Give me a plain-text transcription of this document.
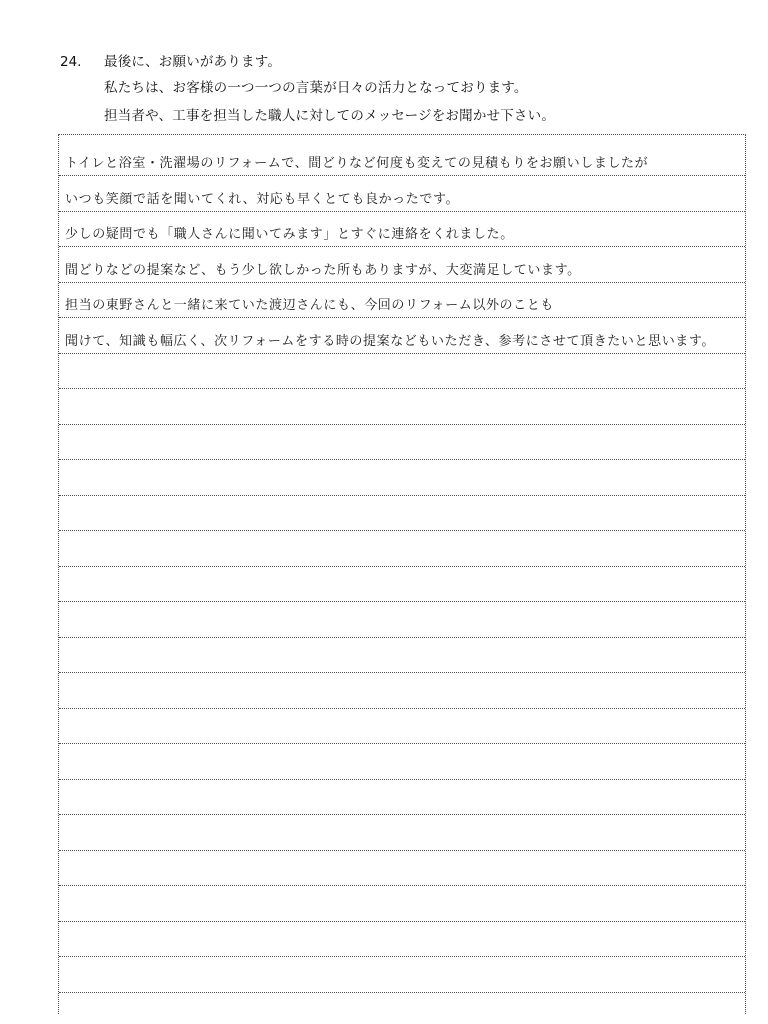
24. 最後に、お願いがあります。
私たちは、お客様の一つ一つの言葉が日々の活力となっております。
担当者や、工事を担当した職人に対してのメッセージをお聞かせ下さい。
トイレと浴室・洗濯場のリフォームで、間どりなど何度も変えての見積もりをお願いしましたが
いつも笑顔で話を聞いてくれ、対応も早くとても良かったです。
少しの疑問でも「職人さんに聞いてみます」とすぐに連絡をくれました。
間どりなどの提案など、もう少し欲しかった所もありますが、大変満足しています。
担当の東野さんと一緒に来ていた渡辺さんにも、今回のリフォーム以外のことも
聞けて、知識も幅広く、次リフォームをする時の提案などもいただき、参考にさせて頂きたいと思います。
